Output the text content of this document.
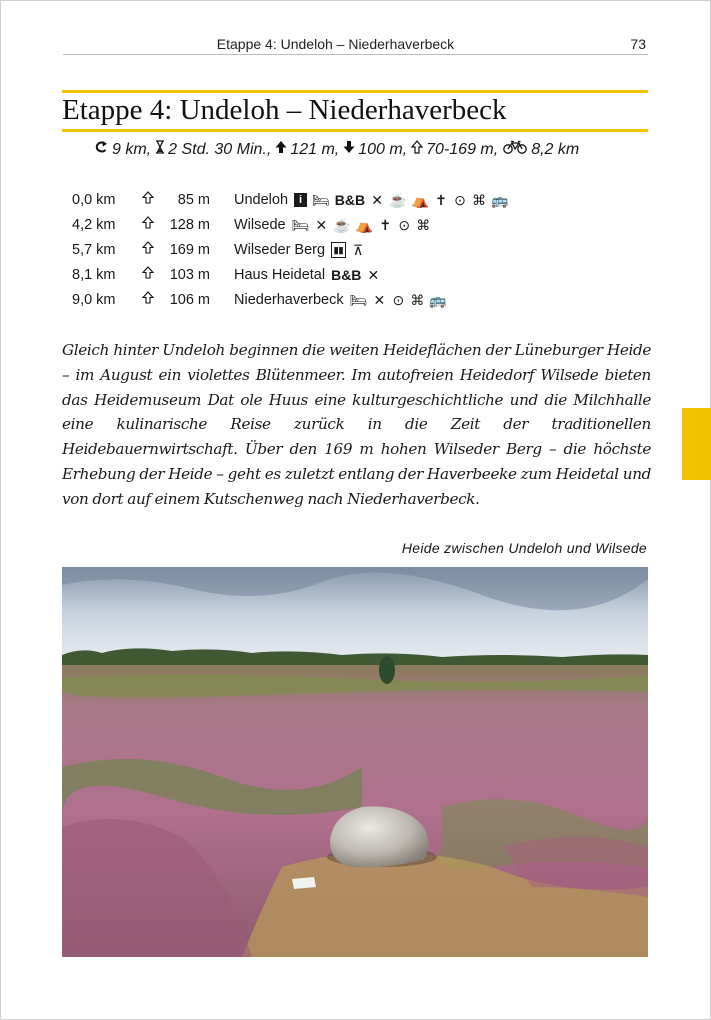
Etappe 4: Undeloh – Niederhaverbeck	73
Etappe 4: Undeloh – Niederhaverbeck
9 km, 2 Std. 30 Min., 121 m, 100 m, 70-169 m, 8,2 km
0,0 km	85 m Undeloh i 🛏 B&B ✕ ☕ ⛺ ✝ ⊙ ⌘ 🚌
4,2 km	128 m Wilsede 🛏 ✕ ☕ ⛺ ✝ ⊙ ⌘
5,7 km	169 m Wilseder Berg ▮▮ ⊼
8,1 km	103 m Haus Heidetal B&B ✕
9,0 km	106 m Niederhaverbeck 🛏 ✕ ⊙ ⌘ 🚌

Gleich hinter Undeloh beginnen die weiten Heideflächen der Lüneburger Heide – im August ein violettes Blütenmeer. Im autofreien Heidedorf Wilsede bieten das Heidemuseum Dat ole Huus eine kulturgeschichtliche und die Milchhalle eine kulinarische Reise zurück in die Zeit der traditionellen Heidebauernwirtschaft. Über den 169 m hohen Wilseder Berg – die höchste Erhebung der Heide – geht es zuletzt entlang der Haverbeeke zum Heidetal und von dort auf einem Kutschenweg nach Niederhaverbeck.

Heide zwischen Undeloh und Wilsede
